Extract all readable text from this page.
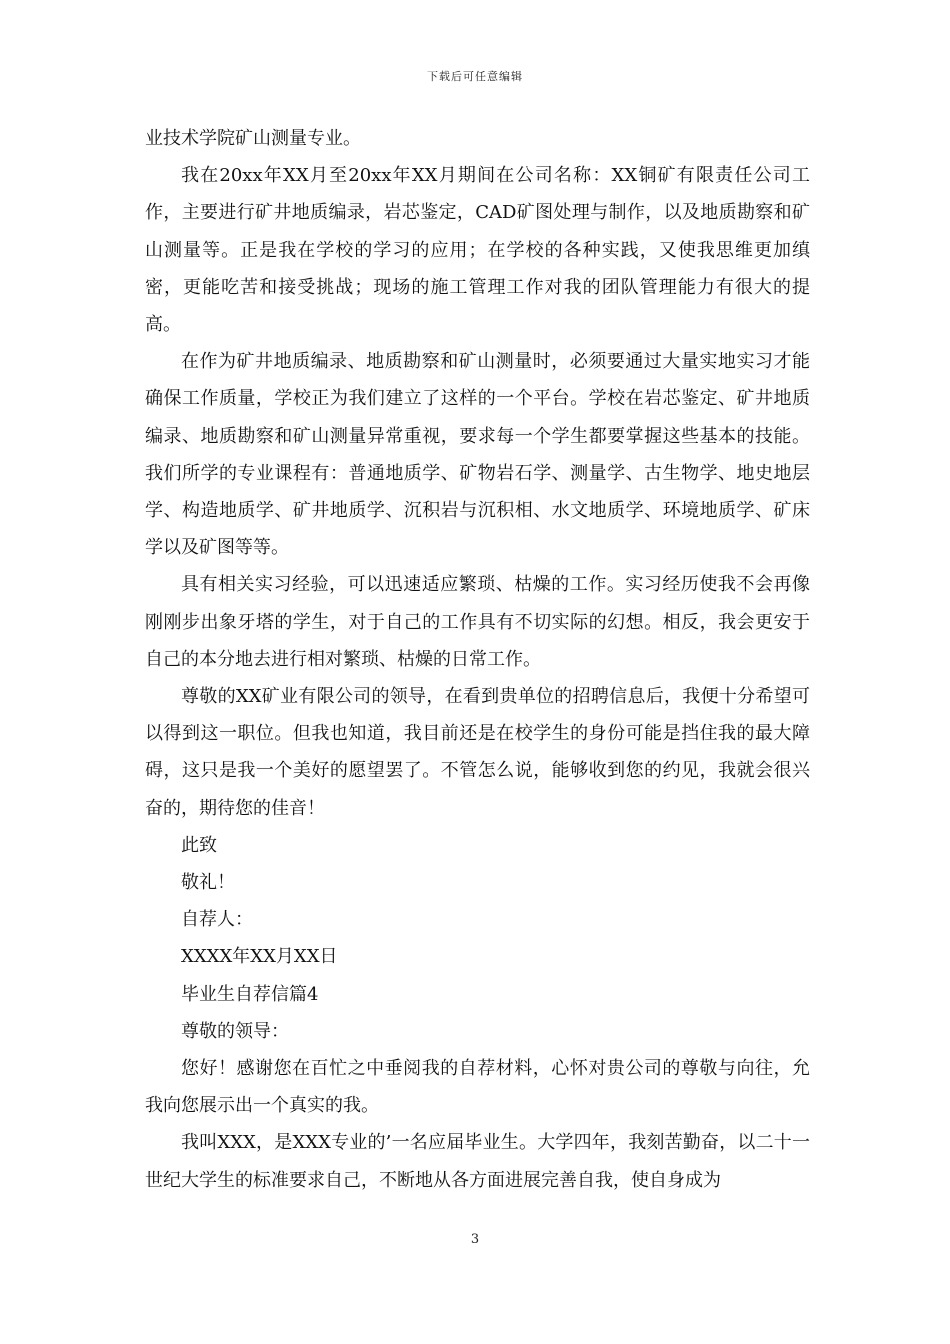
下载后可任意编辑

业技术学院矿山测量专业。

我在20xx年XX月至20xx年XX月期间在公司名称：XX铜矿有限责任公司工作，主要进行矿井地质编录，岩芯鉴定，CAD矿图处理与制作，以及地质勘察和矿山测量等。正是我在学校的学习的应用；在学校的各种实践，又使我思维更加缜密，更能吃苦和接受挑战；现场的施工管理工作对我的团队管理能力有很大的提高。

在作为矿井地质编录、地质勘察和矿山测量时，必须要通过大量实地实习才能确保工作质量，学校正为我们建立了这样的一个平台。学校在岩芯鉴定、矿井地质编录、地质勘察和矿山测量异常重视，要求每一个学生都要掌握这些基本的技能。我们所学的专业课程有：普通地质学、矿物岩石学、测量学、古生物学、地史地层学、构造地质学、矿井地质学、沉积岩与沉积相、水文地质学、环境地质学、矿床学以及矿图等等。

具有相关实习经验，可以迅速适应繁琐、枯燥的工作。实习经历使我不会再像刚刚步出象牙塔的学生，对于自己的工作具有不切实际的幻想。相反，我会更安于自己的本分地去进行相对繁琐、枯燥的日常工作。

尊敬的XX矿业有限公司的领导，在看到贵单位的招聘信息后，我便十分希望可以得到这一职位。但我也知道，我目前还是在校学生的身份可能是挡住我的最大障碍，这只是我一个美好的愿望罢了。不管怎么说，能够收到您的约见，我就会很兴奋的，期待您的佳音！

此致

敬礼！

自荐人：

XXXX年XX月XX日

毕业生自荐信篇4

尊敬的领导：

您好！感谢您在百忙之中垂阅我的自荐材料，心怀对贵公司的尊敬与向往，允我向您展示出一个真实的我。

我叫XXX，是XXX专业的’一名应届毕业生。大学四年，我刻苦勤奋，以二十一世纪大学生的标准要求自己，不断地从各方面进展完善自我，使自身成为

3
